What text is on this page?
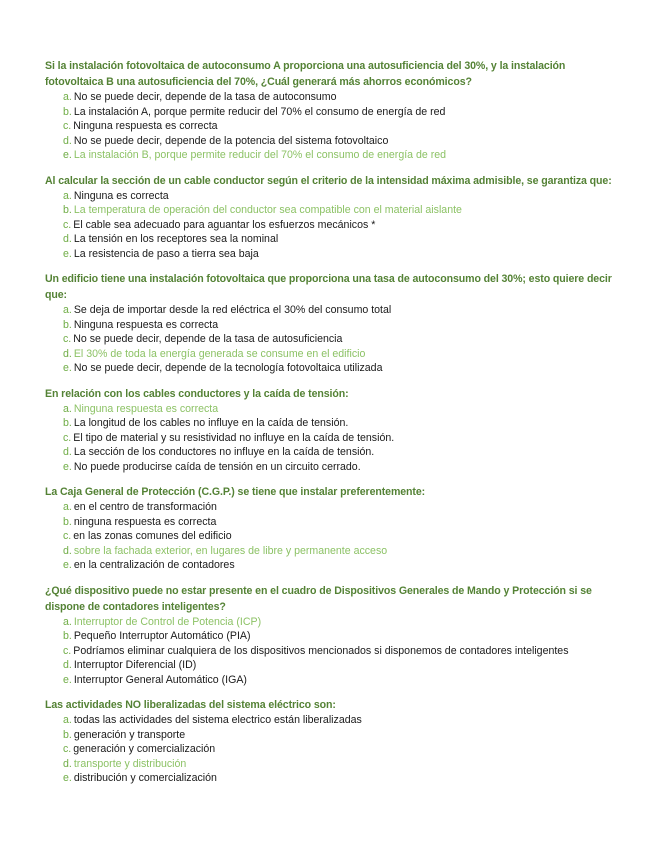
Si la instalación fotovoltaica de autoconsumo A proporciona una autosuficiencia del 30%, y la instalación fotovoltaica B una autosuficiencia del 70%, ¿Cuál generará más ahorros económicos?

a. No se puede decir, depende de la tasa de autoconsumo
b. La instalación A, porque permite reducir del 70% el consumo de energía de red
c. Ninguna respuesta es correcta
d. No se puede decir, depende de la potencia del sistema fotovoltaico
e. La instalación B, porque permite reducir del 70% el consumo de energía de red

Al calcular la sección de un cable conductor según el criterio de la intensidad máxima admisible, se garantiza que:

a. Ninguna es correcta
b. La temperatura de operación del conductor sea compatible con el material aislante
c. El cable sea adecuado para aguantar los esfuerzos mecánicos *
d. La tensión en los receptores sea la nominal
e. La resistencia de paso a tierra sea baja

Un edificio tiene una instalación fotovoltaica que proporciona una tasa de autoconsumo del 30%; esto quiere decir que:

a. Se deja de importar desde la red eléctrica el 30% del consumo total
b. Ninguna respuesta es correcta
c. No se puede decir, depende de la tasa de autosuficiencia
d. El 30% de toda la energía generada se consume en el edificio
e. No se puede decir, depende de la tecnología fotovoltaica utilizada

En relación con los cables conductores y la caída de tensión:

a. Ninguna respuesta es correcta
b. La longitud de los cables no influye en la caída de tensión.
c. El tipo de material y su resistividad no influye en la caída de tensión.
d. La sección de los conductores no influye en la caída de tensión.
e. No puede producirse caída de tensión en un circuito cerrado.

La Caja General de Protección (C.G.P.) se tiene que instalar preferentemente:

a. en el centro de transformación
b. ninguna respuesta es correcta
c. en las zonas comunes del edificio
d. sobre la fachada exterior, en lugares de libre y permanente acceso
e. en la centralización de contadores

¿Qué dispositivo puede no estar presente en el cuadro de Dispositivos Generales de Mando y Protección si se dispone de contadores inteligentes?

a. Interruptor de Control de Potencia (ICP)
b. Pequeño Interruptor Automático (PIA)
c. Podríamos eliminar cualquiera de los dispositivos mencionados si disponemos de contadores inteligentes
d. Interruptor Diferencial (ID)
e. Interruptor General Automático (IGA)

Las actividades NO liberalizadas del sistema eléctrico son:

a. todas las actividades del sistema electrico están liberalizadas
b. generación y transporte
c. generación y comercialización
d. transporte y distribución
e. distribución y comercialización
